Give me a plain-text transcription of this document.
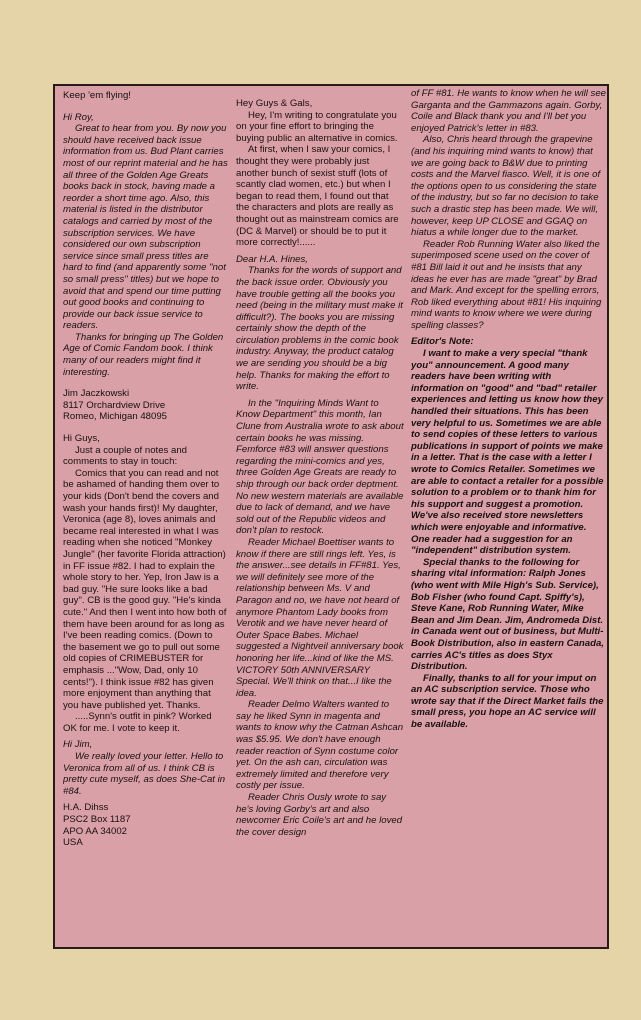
Keep 'em flying!

Hi Roy,

Great to hear from you. By now you should have received back issue information from us. Bud Plant carries most of our reprint material and he has all three of the Golden Age Greats books back in stock, having made a reorder a short time ago. Also, this material is listed in the distributor catalogs and carried by most of the subscription services. We have considered our own subscription service since small press titles are hard to find (and apparently some "not so small press" titles) but we hope to avoid that and spend our time putting out good books and continuing to provide our back issue service to readers.

Thanks for bringing up The Golden Age of Comic Fandom book. I think many of our readers might find it interesting.

Jim Jaczkowski

8117 Orchardview Drive

Romeo, Michigan 48095

Hi Guys,

Just a couple of notes and comments to stay in touch:

Comics that you can read and not be ashamed of handing them over to your kids (Don't bend the covers and wash your hands first)! My daughter, Veronica (age 8), loves animals and became real interested in what I was reading when she noticed "Monkey Jungle" (her favorite Florida attraction) in FF issue #82. I had to explain the whole story to her. Yep, Iron Jaw is a bad guy. "He sure looks like a bad guy". CB is the good guy. "He's kinda cute." And then I went into how both of them have been around for as long as I've been reading comics. (Down to the basement we go to pull out some old copies of CRIMEBUSTER for emphasis ..."Wow, Dad, only 10 cents!"). I think issue #82 has given more enjoyment than anything that you have published yet. Thanks.

.....Synn's outfit in pink? Worked OK for me. I vote to keep it.

Hi Jim,

We really loved your letter. Hello to Veronica from all of us. I think CB is pretty cute myself, as does She-Cat in #84.

H.A. Dihss

PSC2 Box 1187

APO AA 34002

USA

Hey Guys & Gals,

Hey, I'm writing to congratulate you on your fine effort to bringing the buying public an alternative in comics.

At first, when I saw your comics, I thought they were probably just another bunch of sexist stuff (lots of scantly clad women, etc.) but when I began to read them, I found out that the characters and plots are really as thought out as mainstream comics are (DC & Marvel) or should be to put it more correctly!......

Dear H.A. Hines,

Thanks for the words of support and the back issue order. Obviously you have trouble getting all the books you need (being in the military must make it difficult?). The books you are missing certainly show the depth of the circulation problems in the comic book industry. Anyway, the product catalog we are sending you should be a big help. Thanks for making the effort to write.

In the "Inquiring Minds Want to Know Department" this month, Ian Clune from Australia wrote to ask about certain books he was missing. Femforce #83 will answer questions regarding the mini-comics and yes, three Golden Age Greats are ready to ship through our back order deptment. No new western materials are available due to lack of demand, and we have sold out of the Republic videos and don't plan to restock.

Reader Michael Boettiser wants to know if there are still rings left. Yes, is the answer...see details in FF#81. Yes, we will definitely see more of the relationship between Ms. V and Paragon and no, we have not heard of anymore Phantom Lady books from Verotik and we have never heard of Outer Space Babes. Michael suggested a Nightveil anniversary book honoring her life...kind of like the MS. VICTORY 50th ANNIVERSARY Special. We'll think on that...I like the idea.

Reader Delmo Walters wanted to say he liked Synn in magenta and wants to know why the Catman Ashcan was $5.95. We don't have enough reader reaction of Synn costume color yet. On the ash can, circulation was extremely limited and therefore very costly per issue.

Reader Chris Ously wrote to say he's loving Gorby's art and also newcomer Eric Coile's art and he loved the cover design

of FF #81. He wants to know when he will see Garganta and the Gammazons again. Gorby, Coile and Black thank you and I'll bet you enjoyed Patrick's letter in #83.

Also, Chris heard through the grapevine (and his inquiring mind wants to know) that we are going back to B&W due to printing costs and the Marvel fiasco. Well, it is one of the options open to us considering the state of the industry, but so far no decision to take such a drastic step has been made. We will, however, keep UP CLOSE and GGAQ on hiatus a while longer due to the market.

Reader Rob Running Water also liked the superimposed scene used on the cover of #81 Bill laid it out and he insists that any ideas he ever has are made "great" by Brad and Mark. And except for the spelling errors, Rob liked everything about #81! His inquiring mind wants to know where we were during spelling classes?

Editor's Note:

I want to make a very special "thank you" announcement. A good many readers have been writing with information on "good" and "bad" retailer experiences and letting us know how they handled their situations. This has been very helpful to us. Sometimes we are able to send copies of these letters to various publications in support of points we make in a letter. That is the case with a letter I wrote to Comics Retailer. Sometimes we are able to contact a retailer for a possible solution to a problem or to thank him for his support and suggest a promotion. We've also received store newsletters which were enjoyable and informative. One reader had a suggestion for an "independent" distribution system.

Special thanks to the following for sharing vital information: Ralph Jones (who went with Mile High's Sub. Service), Bob Fisher (who found Capt. Spiffy's), Steve Kane, Rob Running Water, Mike Bean and Jim Dean. Jim, Andromeda Dist. in Canada went out of business, but Multi-Book Distribution, also in eastern Canada, carries AC's titles as does Styx Distribution.

Finally, thanks to all for your imput on an AC subscription service. Those who wrote say that if the Direct Market fails the small press, you hope an AC service will be available.
